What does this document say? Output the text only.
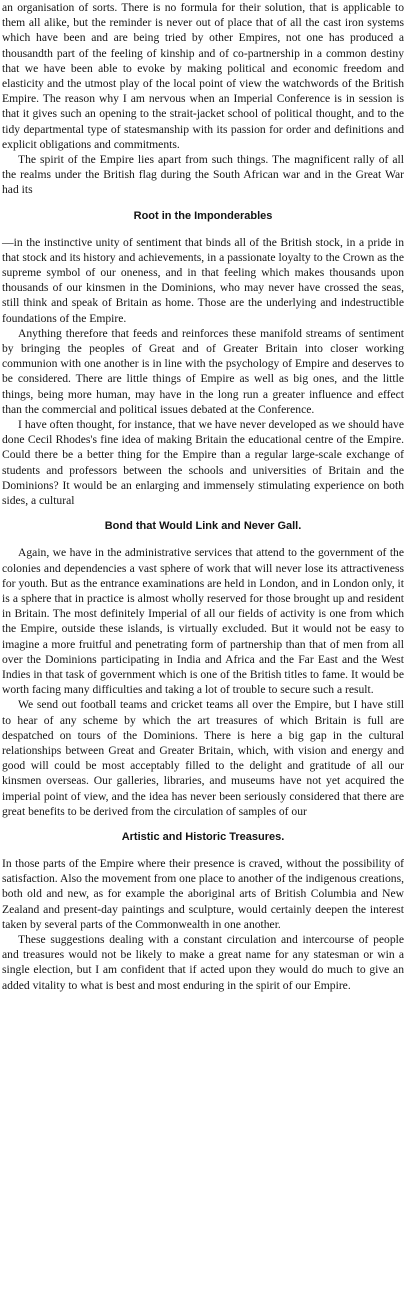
an organisation of sorts. There is no formula for their solution, that is applicable to them all alike, but the reminder is never out of place that of all the cast iron systems which have been and are being tried by other Empires, not one has produced a thousandth part of the feeling of kinship and of co-partnership in a common destiny that we have been able to evoke by making political and economic freedom and elasticity and the utmost play of the local point of view the watchwords of the British Empire. The reason why I am nervous when an Imperial Conference is in session is that it gives such an opening to the strait-jacket school of political thought, and to the tidy departmental type of statesmanship with its passion for order and definitions and explicit obligations and commitments.

The spirit of the Empire lies apart from such things. The magnificent rally of all the realms under the British flag during the South African war and in the Great War had its

Root in the Imponderables

—in the instinctive unity of sentiment that binds all of the British stock, in a pride in that stock and its history and achievements, in a passionate loyalty to the Crown as the supreme symbol of our oneness, and in that feeling which makes thousands upon thousands of our kinsmen in the Dominions, who may never have crossed the seas, still think and speak of Britain as home. Those are the underlying and indestructible foundations of the Empire.

Anything therefore that feeds and reinforces these manifold streams of sentiment by bringing the peoples of Great and of Greater Britain into closer working communion with one another is in line with the psychology of Empire and deserves to be considered. There are little things of Empire as well as big ones, and the little things, being more human, may have in the long run a greater influence and effect than the commercial and political issues debated at the Conference.

I have often thought, for instance, that we have never developed as we should have done Cecil Rhodes's fine idea of making Britain the educational centre of the Empire. Could there be a better thing for the Empire than a regular large-scale exchange of students and professors between the schools and universities of Britain and the Dominions? It would be an enlarging and immensely stimulating experience on both sides, a cultural

Bond that Would Link and Never Gall.

Again, we have in the administrative services that attend to the government of the colonies and dependencies a vast sphere of work that will never lose its attractiveness for youth. But as the entrance examinations are held in London, and in London only, it is a sphere that in practice is almost wholly reserved for those brought up and resident in Britain. The most definitely Imperial of all our fields of activity is one from which the Empire, outside these islands, is virtually excluded. But it would not be easy to imagine a more fruitful and penetrating form of partnership than that of men from all over the Dominions participating in India and Africa and the Far East and the West Indies in that task of government which is one of the British titles to fame. It would be worth facing many difficulties and taking a lot of trouble to secure such a result.

We send out football teams and cricket teams all over the Empire, but I have still to hear of any scheme by which the art treasures of which Britain is full are despatched on tours of the Dominions. There is here a big gap in the cultural relationships between Great and Greater Britain, which, with vision and energy and good will could be most acceptably filled to the delight and gratitude of all our kinsmen overseas. Our galleries, libraries, and museums have not yet acquired the imperial point of view, and the idea has never been seriously considered that there are great benefits to be derived from the circulation of samples of our

Artistic and Historic Treasures.

In those parts of the Empire where their presence is craved, without the possibility of satisfaction. Also the movement from one place to another of the indigenous creations, both old and new, as for example the aboriginal arts of British Columbia and New Zealand and present-day paintings and sculpture, would certainly deepen the interest taken by several parts of the Commonwealth in one another.

These suggestions dealing with a constant circulation and intercourse of people and treasures would not be likely to make a great name for any statesman or win a single election, but I am confident that if acted upon they would do much to give an added vitality to what is best and most enduring in the spirit of our Empire.
